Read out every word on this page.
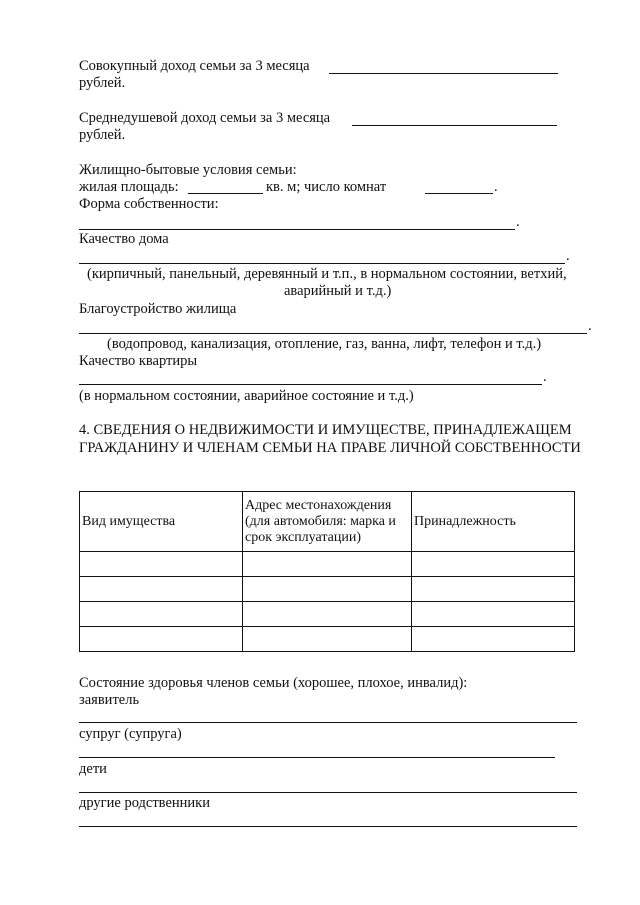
Совокупный доход семьи за 3 месяца
рублей.
Среднедушевой доход семьи за 3 месяца
рублей.
Жилищно-бытовые условия семьи:
жилая площадь:	кв. м; число комнат	.
Форма собственности:
.
Качество дома
.
(кирпичный, панельный, деревянный и т.п., в нормальном состоянии, ветхий,
аварийный и т.д.)
Благоустройство жилища
.
(водопровод, канализация, отопление, газ, ванна, лифт, телефон и т.д.)
Качество квартиры
.
(в нормальном состоянии, аварийное состояние и т.д.)
4. СВЕДЕНИЯ О НЕДВИЖИМОСТИ И ИМУЩЕСТВЕ, ПРИНАДЛЕЖАЩЕМ ГРАЖДАНИНУ И ЧЛЕНАМ СЕМЬИ НА ПРАВЕ ЛИЧНОЙ СОБСТВЕННОСТИ
Вид имущества	Адрес местонахождения (для автомобиля: марка и срок эксплуатации)	Принадлежность

Состояние здоровья членов семьи (хорошее, плохое, инвалид):
заявитель
супруг (супруга)
дети
другие родственники
